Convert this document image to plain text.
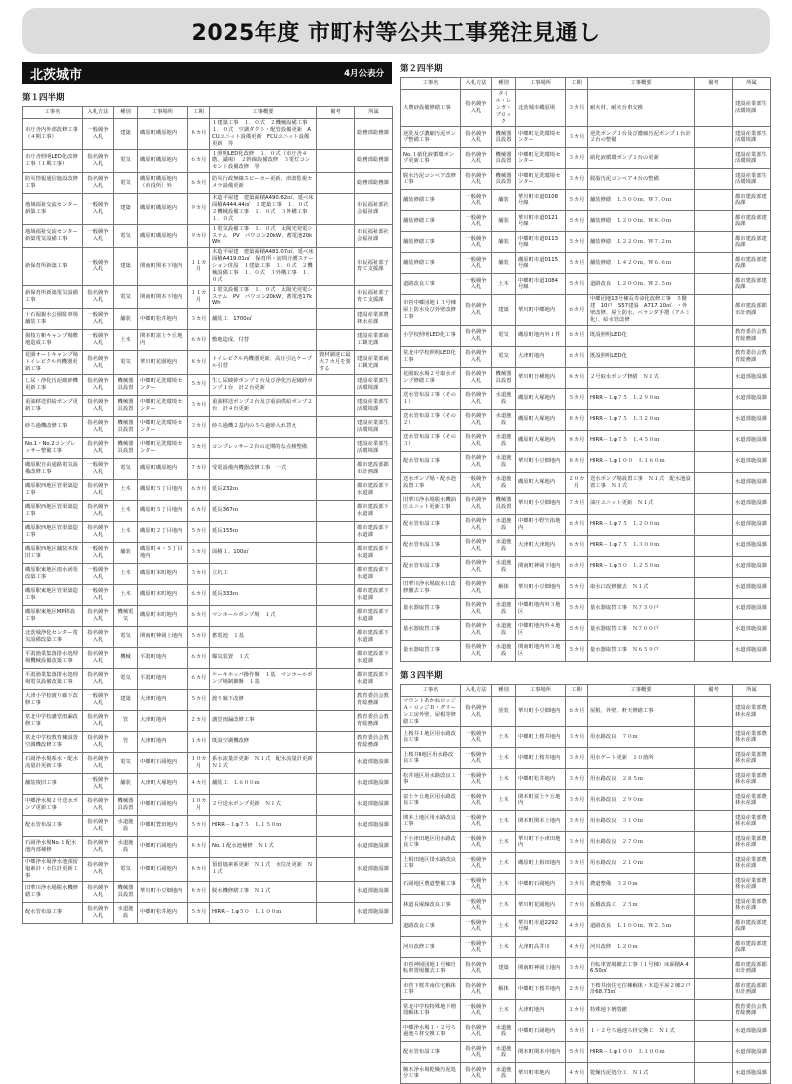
2025年度 市町村等公共工事発注見通し
北茨城市	4月公表分
第１四半期
工事名	入札方法	種別	工事場所	工期	工事概要	備考	所属
市庁舎内外部改修工事（４期工事）	一般競争入札	建築	磯原町磯原地内	８カ月	１建築工事　１．０式　２機械設備工事　１．０式　空調ダクト・配管設備更新　ACUユニット設備更新　FCUユニット設備更新　等		総務部総務課
市庁舎照明LED化改修工事（１期工事）	指名競争入札	電気	磯原町磯原地内	６カ月	１照明LED化改修　１．０式（市庁舎４階、議場）　２幹線設備改修　３電灯コンセント設備改修　等		総務部総務課
防災情報通信施設改修工事	指名競争入札	電気	磯原町磯原地内（市役所）外	６カ月	防災行政無線スピーカー更新、津波監視カメラ設備更新		総務部総務課
地域福祉交流センター新築工事	一般競争入札	建築	磯原町磯原地内	９カ月	木造平屋建　建築面積A490.62㎡、延べ床面積A444.44㎡　１建築工事　１．０式　２機械設備工事　１．０式　３外構工事　１．０式		市民福祉部社会福祉課
地域福祉交流センター新築電気設備工事	一般競争入札	電気	磯原町磯原地内	９カ月	１電気設備工事　１．０式　太陽光発電システム　PV　パワコン20kW、蓄電池20kWh		市民福祉部社会福祉課
新保育所新築工事	一般競争入札	建築	関南町関本下地内	１１カ月	木造平屋建　建築面積A481.07㎡、延べ床面積A419.01㎡　保育所・訪問介護ステーション併設　１建築工事　１．０式　２機械設備工事　１．０式　３外構工事　１．０式		市民福祉部子育て支援課
新保育所新築電気設備工事	指名競争入札	電気	関南町関本下地内	１１カ月	１電気設備工事　１．０式　太陽光発電システム　PV　パワコン20kW、蓄電池17kWh		市民福祉部子育て支援課
十石堀親水公園駐車場舗装工事	一般競争入札	舗装	中郷町松井地内	３カ月	舗装工　1700㎡		建設産業部農林水産課
揚枝方斬キャンプ場敷地造成工事	一般競争入札	土木	関本町富士ケ丘地内	６カ月	敷地造成、付替		建設産業部商工観光課
花園オートキャンプ場トイレピクル内機器更新工事	指名競争入札	電気	華川町花園地内	８カ月	トイレピクル内機器更新、高圧引込ケーブル引替	資材調達に最大７カ月を要する	建設産業部商工観光課
し尿・浄化汚泥破砕機更新工事	指名競争入札	機械器具設置	中郷町足洗環境センター	５カ月	生し尿破砕ポンプ１台及び浄化汚泥破砕ポンプ１台　計２台更新		建設産業部生活環境課
重油移送供給ポンプ更新工事	指名競争入札	機械器具設置	中郷町足洗環境センター	３カ月	重油移送ポンプ２台及び重油供給ポンプ２台　計４台更新		建設産業部生活環境課
砂ろ過機改修工事	指名競争入札	機械器具設置	中郷町足洗環境センター	３カ月	砂ろ過機２基内の５ろ過砂入れ替え		建設産業部生活環境課
No.1・No.2コンプレッサー整備工事	指名競争入札	機械器具設置	中郷町足洗環境センター	３カ月	コンプレッサー２台の定期的な点検整備		建設産業部生活環境課
磯原駅自由通路電気設備改修工事	一般競争入札	電気	磯原町磯原地内	７カ月	受電設備内機器改修工事　一式		都市建設部都市計画課
磯原駅西地区管渠築造工事	指名競争入札	土木	磯原町５丁目地内	６カ月	延長232ｍ		都市建設部下水道課
磯原駅西地区管渠築造工事	指名競争入札	土木	磯原町５丁目地内	６カ月	延長367ｍ		都市建設部下水道課
磯原駅西地区管渠築造工事	指名競争入札	土木	磯原町２丁目地内	５カ月	延長155ｍ		都市建設部下水道課
磯原駅西地区舗装本復旧工事	一般競争入札	舗装	磯原町４・５丁目地内	３カ月	面積１、100㎡		都市建設部下水道課
磯原駅東地区雨水函渠改築工事	一般競争入札	土木	磯原町本町地内	３カ月	立坑工		都市建設部下水道課
磯原駅東地区管渠築造工事	一般競争入札	土木	磯原町本町地内	６カ月	延長333ｍ		都市建設部下水道課
磯原駅東地区MP移設工事	指名競争入札	機械電気	磯原町本町地内	６カ月	マンホールポンプ場　１式		都市建設部下水道課
北茨城浄化センター電気設備改築工事	指名競争入札	電気	関南町神岡上地内	５カ月	蓄電池　１基		都市建設部下水道課
平潟漁業集落排水処理場機械設備改築工事	指名競争入札	機械	平潟町地内	６カ月	曝気装置　１式		都市建設部下水道課
平潟漁業集落排水処理場電気設備改築工事	指名競争入札	電気	平潟町地内	６カ月	ケーキホッパ操作盤　１基　マンホールポンプ場制御盤　１基		都市建設部下水道課
大津小学校渡り廊下改修工事	一般競争入札	建築	大津町地内	５カ月	渡り廊下改修		教育委員会教育総務課
常北中学校講堂雨漏改修工事	指名競争入札	管	大津町地内	２カ月	講堂雨漏改修工事		教育委員会教育総務課
常北中学校教育棟設置空調機改修工事	指名競争入札	管	大津町地内	１カ月	既設空調機改修		教育委員会教育総務課
石岡浄水場系水・配水流量計更新工事	指名競争入札	電気	中郷町石岡地内	１０カ月	系水流量計更新　Ｎ１式　配水流量計更新　Ｎ１式		水道部施設課
舗装復旧工事	一般競争入札	舗装	大津町大塚地内	４カ月	舗装工　Ｌ６００ｍ		水道部施設課
中郷浄水場２号送水ポンプ更新工事	指名競争入札	機械器具設置	中郷町石岡地内	１０カ月	２号送水ポンプ更新　Ｎ１式		水道部施設課
配水管布設工事	指名競争入札	水道施設	中郷町豊田地内	５カ月	HIRR－Ｌφ７５　Ｌ１５０ｍ		水道部施設課
石岡浄水場No.１配水池内部補修	指名競争入札	水道施設	中郷町石岡地内	８カ月	No.１配水池補修　Ｎ１式		水道部施設課
中郷浄水場浄水池預留塩素計・水位計更新工事	指名競争入札	電気	中郷町石岡地内	８カ月	預留塩素系更新　Ｎ１式　水位計更新　Ｎ１式		水道部施設課
旧華川浄水場脱水機修繕工事	指名競争入札	機械器具設置	華川町小豆畑地内	８カ月	脱水機修繕工事　Ｎ１式		水道部施設課
配水管布設工事	指名競争入札	水道施設	中郷町松井地内	５カ月	HIRR－Ｌφ５０　Ｌ１００ｍ		水道部施設課
第２四半期
工事名	入札方法	種別	工事場所	工期	工事概要	備考	所属
大農砂設備修繕工事	指名競争入札	タイル・レンガ・ブロック	北茨城市磯原場	３カ月	耐火材、耐火台車交換		建設産業部生活環境課
逆洗及び濃縮汚泥ポンプ整備工事	指名競争入札	機械器具設置	中郷町足洗環境センター	３カ月	逆洗ポンプ１台及び濃縮汚泥ポンプ１台計２台の整備		建設産業部生活環境課
No.１硝化液循環ポンプ更新工事	指名競争入札	機械器具設置	中郷町足洗環境センター	３カ月	硝化液循環ポンプ１台の更新		建設産業部生活環境課
脱水汚泥コンベア改修工事	指名競争入札	機械器具設置	中郷町足洗環境センター	３カ月	脱脂汚泥コンベア４台の整備		建設産業部生活環境課
舗装修繕工事	一般競争入札	舗装	華川町市道0108号線	５カ月	舗装修繕　Ｌ５００ｍ、Ｗ７.０ｍ		都市建設部建設課
舗装修繕工事	一般競争入札	舗装	華川町市道0121号線	５カ月	舗装修繕　Ｌ２００ｍ、Ｗ８.０ｍ		都市建設部建設課
舗装修繕工事	一般競争入札	舗装	中郷町市道0113号線	５カ月	舗装修繕　Ｌ２２０ｍ、Ｗ７.２ｍ		都市建設部建設課
舗装修繕工事	一般競争入札	舗装	磯原町市道0115号線	５カ月	舗装修繕　Ｌ４２０ｍ、Ｗ６.６ｍ		都市建設部建設課
道路改良工事	一般競争入札	土木	中郷町市道1084号線	５カ月	道路改良　Ｌ２００ｍ、Ｗ２.５ｍ		都市建設部建設課
市営中郷団地１３号棟屋上防水及び外壁改修工事	指名競争入札	建築	華川町中郷地内	６カ月	中郷団地13号棟長寿命化改修工事　５階建　10戸　S57建設　A717.10㎡　・外壁改修、屋上防水、ベランダ手摺（アルミ化）、給水管改修		都市建設部都市計画課
小学校照明LED化工事	指名競争入札	電気	磯原町地内外１件	６カ月	既設照明LED化		教育委員会教育総務課
常北中学校照明LED化工事	指名競争入札	電気	大津町地内	６カ月	既設照明LED化		教育委員会教育総務課
花園取水場２号取水ポンプ修繕工事	指名競争入札	機械器具設置	華川町日種地内	８カ月	２号取水ポンプ修繕　Ｎ１式		水道部施設課
送水管布設工事（その１）	指名競争入札	水道施設	磯原町大塚地内	５カ月	HIRR－Ｌφ７５　Ｌ２９０ｍ		水道部施設課
送水管布設工事（その２）	指名競争入札	水道施設	磯原町大塚地内	８カ月	HIRR－Ｌφ７５　Ｌ３２０ｍ		水道部施設課
送水管布設工事（その３）	指名競争入札	水道施設	磯原町大塚地内	８カ月	HIRR－Ｌφ７５　Ｌ４５０ｍ		水道部施設課
配水管布設工事	指名競争入札	水道施設	華川町小豆畑地内	８カ月	HIRR－Ｌφ１００　Ｌ１６０ｍ		水道部施設課
送水ポンプ場・配水池設置工事	一般競争入札	水道施設	磯原町大塚地内	２０カ月	送水ポンプ場設置工事　Ｎ１式　配水池設置工事　Ｎ１式		水道部施設課
旧華川浄水場脱水機油圧ユニット更新工事	指名競争入札	機械器具設置	華川町小豆畑地内	７カ月	油圧ユニット更新　Ｎ１式		水道部施設課
配水管布設工事	指名競争入札	水道施設	中郷町小野矢指地内	６カ月	HIRR－Ｌφ７５　Ｌ２００ｍ		水道部施設課
配水管布設工事	指名競争入札	水道施設	大津町大津地内	６カ月	HIRR－Ｌφ７５　Ｌ３００ｍ		水道部施設課
配水管布設工事	指名競争入札	水道施設	関南町神岡下地内	６カ月	HIRR－Ｌφ５０　Ｌ２５０ｍ		水道部施設課
旧華川浄水場取水口改修撤去工事	指名競争入札	解体	華川町小豆畑地内	５カ月	取水口改修撤去　Ｎ１式		水道部施設課
量水器取替工事	指名競争入札	水道施設	中郷町地内外３地区	５カ月	量水器取替工事　Ｎ７５０戸		水道部施設課
量水器取替工事	指名競争入札	水道施設	中郷町地内外４地区	５カ月	量水器取替工事　Ｎ７００戸		水道部施設課
量水器取替工事	指名競争入札	水道施設	関南町地内外３地区	５カ月	量水器取替工事　Ｎ６５９戸		水道部施設課
第３四半期
工事名	入札方法	種別	工事場所	工期	工事概要	備考	所属
マウントあかねロッジＡ・ロッジＢ・グリーン工房外壁、屋根等修繕工事	指名競争入札	塗装	華川町小豆畑地内	６カ月	屋根、外壁、軒天修繕工事		建設産業部農林水産課
上桜井１地区用水路改良工事	一般競争入札	土木	中郷町上桜井地内	３カ月	用水路改良　７０ｍ		建設産業部農林水産課
上桜井Ⅱ地区用水路改良工事	一般競争入札	土木	中郷町上桜井地内	３カ月	用水ゲート更新　１０箇所		建設産業部農林水産課
松井地区用水路改良工事	一般競争入札	土木	中郷町松井地内	３カ月	用水路改良　２８５ｍ		建設産業部農林水産課
富士ケ丘地区用水路改良工事	一般競争入札	土木	関本町富士ケ丘地内	３カ月	用水路改良　２９０ｍ		建設産業部農林水産課
関本上地区用水路改良工事	一般競争入札	土木	関本町関本上地内	３カ月	用水路改良　３１０ｍ		建設産業部農林水産課
下小津田地区用水路改良工事	一般競争入札	土木	華川町下小津田地内	３カ月	用水路改良　２７０ｍ		建設産業部農林水産課
上相田地区排水路改良工事	一般競争入札	土木	磯原町上相田地内	３カ月	用水路改良　２１０ｍ		建設産業部農林水産課
石岡地区農道整備工事	一般競争入札	土木	中郷町石岡地内	３カ月	農道整備　３２０ｍ		建設産業部農林水産課
林道長塚線改良工事	一般競争入札	土木	華川町花園地内	７カ月	仮橋改設工　２５ｍ		建設産業部農林水産課
道路改良工事	一般競争入札	土木	華川町市道2292号線	４カ月	道路改良　Ｌ１００ｍ、Ｗ２.５ｍ		都市建設部建設課
河川改修工事	一般競争入札	土木	大津町高井川	４カ月	河川改修　Ｌ２０ｍ		都市建設部建設課
市営神岡団地１号棟自転車置場撤去工事	指名競争入札	建築	関南町神岡上地内	３カ月	自転車置場撤去工事（１号棟）床面積A 46.50㎡		都市建設部都市計画課
市営下桜井南住宅解体工事	指名競争入札	解体	中郷町下桜井地内	２カ月	下桜井南住宅住棟解体・木造平屋２棟２戸計68.73㎡		都市建設部都市計画課
常北中学校特殊地下増殻解体工事	一般競争入札	土木	大津町地内	１カ月	特殊地下増殻撤		教育委員会教育総務課
中郷浄水場１・２号ろ過池ろ材交換工事	指名競争入札	水道施設	中郷町石岡地内	５カ月	１・２号ろ過池ろ材交換工　Ｎ１式		水道部施設課
配水管布設工事	指名競争入札	水道施設	関本町関本中地内	５カ月	HIRR－Ｌφ１００　Ｌ１００ｍ		水道部施設課
駒木浄水場乾燥汚泥処分工事	指名競争入札	水道施設	華川町車地内	４カ月	乾燥汚泥処分工　Ｎ１式		水道部施設課
